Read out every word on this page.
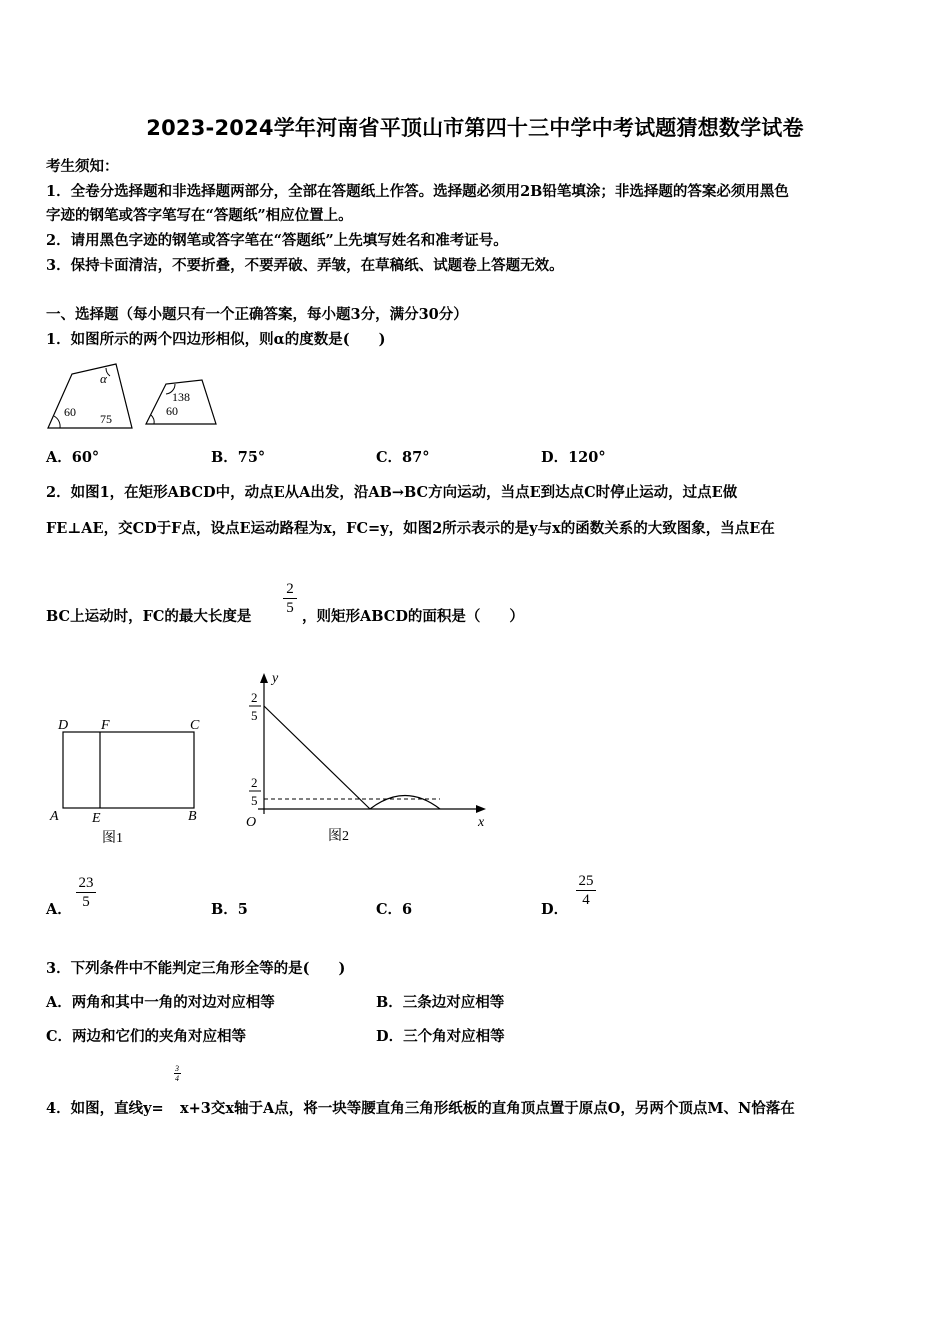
2023-2024学年河南省平顶山市第四十三中学中考试题猜想数学试卷
考生须知：
1．全卷分选择题和非选择题两部分，全部在答题纸上作答。选择题必须用2B铅笔填涂；非选择题的答案必须用黑色
字迹的钢笔或答字笔写在“答题纸”相应位置上。
2．请用黑色字迹的钢笔或答字笔在“答题纸”上先填写姓名和准考证号。
3．保持卡面清洁，不要折叠，不要弄破、弄皱，在草稿纸、试题卷上答题无效。
一、选择题（每小题只有一个正确答案，每小题3分，满分30分）
1．如图所示的两个四边形相似，则α的度数是(　　)
α
60 75
138
60
A．60°	B．75°	C．87°	D．120°
2．如图1，在矩形ABCD中，动点E从A出发，沿AB→BC方向运动，当点E到达点C时停止运动，过点E做
FE⊥AE，交CD于F点，设点E运动路程为x，FC=y，如图2所示表示的是y与x的函数关系的大致图象，当点E在
BC上运动时，FC的最大长度是
2
5 ，则矩形ABCD的面积是（　　）
D F	C
A E	B
图1
y
x
O
2
5
2
5
图2
A．
23
5	B．5	C．6	D．
25
4
3．下列条件中不能判定三角形全等的是(　　)
A．两角和其中一角的对边对应相等	B．三条边对应相等
C．两边和它们的夹角对应相等	D．三个角对应相等
3
4
4．如图，直线y= x+3交x轴于A点，将一块等腰直角三角形纸板的直角顶点置于原点O，另两个顶点M、N恰落在
